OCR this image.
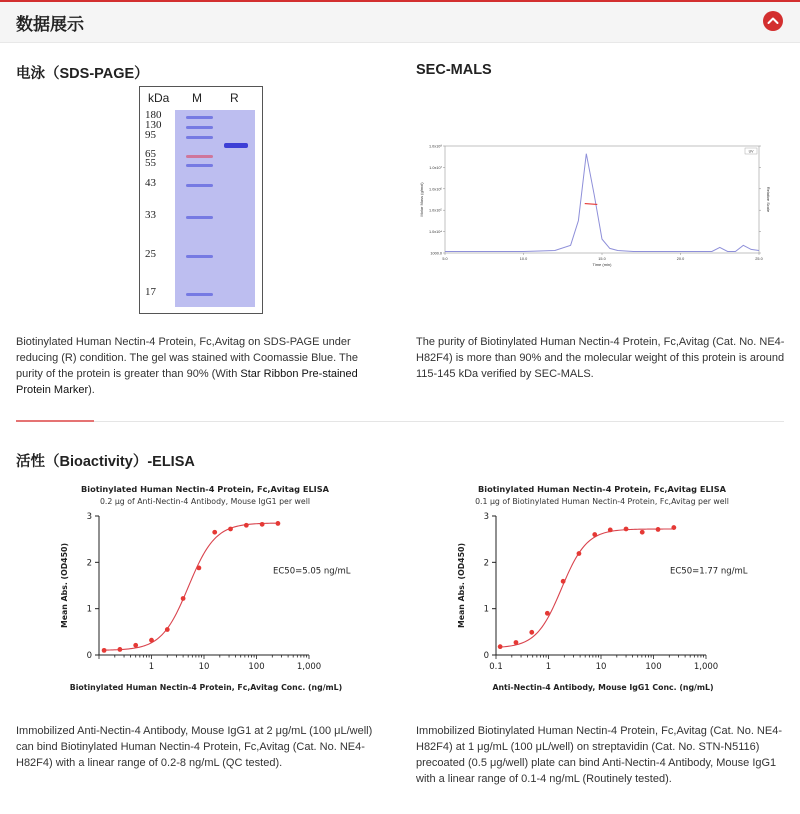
数据展示
电泳（SDS-PAGE）
kDa M R
180
130
95
65
55
43
33
25
17
Biotinylated Human Nectin-4 Protein, Fc,Avitag on SDS-PAGE under reducing (R) condition. The gel was stained with Coomassie Blue. The purity of the protein is greater than 90% (With Star Ribbon Pre-stained Protein Marker).
SEC-MALS
1000.0
1.0x10⁴
1.0x10⁵
1.0x10⁶
1.0x10⁷
1.0x10⁸
5.0	10.0	15.0	20.0	25.0
Time (min)
Molar Mass (g/mol)	Relative Scale
UV
The purity of Biotinylated Human Nectin-4 Protein, Fc,Avitag (Cat. No. NE4-H82F4) is more than 90% and the molecular weight of this protein is around 115-145 kDa verified by SEC-MALS.
活性（Bioactivity）-ELISA
Biotinylated Human Nectin-4 Protein, Fc,Avitag ELISA
0.2 μg of Anti-Nectin-4 Antibody, Mouse IgG1 per well
0
1
2
3
1	10	100	1,000
Biotinylated Human Nectin-4 Protein, Fc,Avitag Conc. (ng/mL)
Mean Abs. (OD450)	EC50=5.05 ng/mL
Biotinylated Human Nectin-4 Protein, Fc,Avitag ELISA
0.1 μg of Biotinylated Human Nectin-4 Protein, Fc,Avitag per well
0
1
2
3
0.1	1	10	100	1,000
Anti-Nectin-4 Antibody, Mouse IgG1 Conc. (ng/mL)
Mean Abs. (OD450)	EC50=1.77 ng/mL
Immobilized Anti-Nectin-4 Antibody, Mouse IgG1 at 2 μg/mL (100 μL/well) can bind Biotinylated Human Nectin-4 Protein, Fc,Avitag (Cat. No. NE4-H82F4) with a linear range of 0.2-8 ng/mL (QC tested).
Immobilized Biotinylated Human Nectin-4 Protein, Fc,Avitag (Cat. No. NE4-H82F4) at 1 μg/mL (100 μL/well) on streptavidin (Cat. No. STN-N5116) precoated (0.5 μg/well) plate can bind Anti-Nectin-4 Antibody, Mouse IgG1 with a linear range of 0.1-4 ng/mL (Routinely tested).
